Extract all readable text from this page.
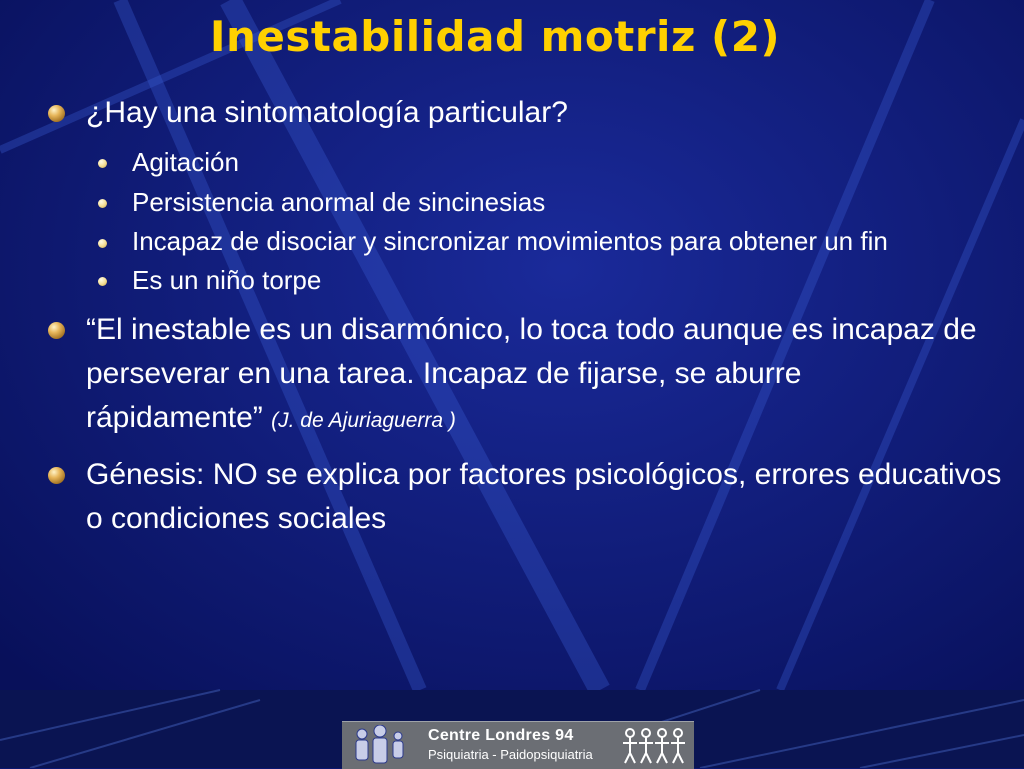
Inestabilidad motriz (2)
¿Hay una sintomatología particular?
Agitación
Persistencia anormal de sincinesias
Incapaz de disociar y sincronizar movimientos para obtener un fin
Es un niño torpe
“El inestable es un disarmónico, lo toca todo aunque es incapaz de perseverar en una tarea. Incapaz de fijarse, se aburre rápidamente” (J. de Ajuriaguerra )
Génesis: NO se explica por factores psicológicos, errores educativos o condiciones sociales
Centre Londres 94
Psiquiatria - Paidopsiquiatria
